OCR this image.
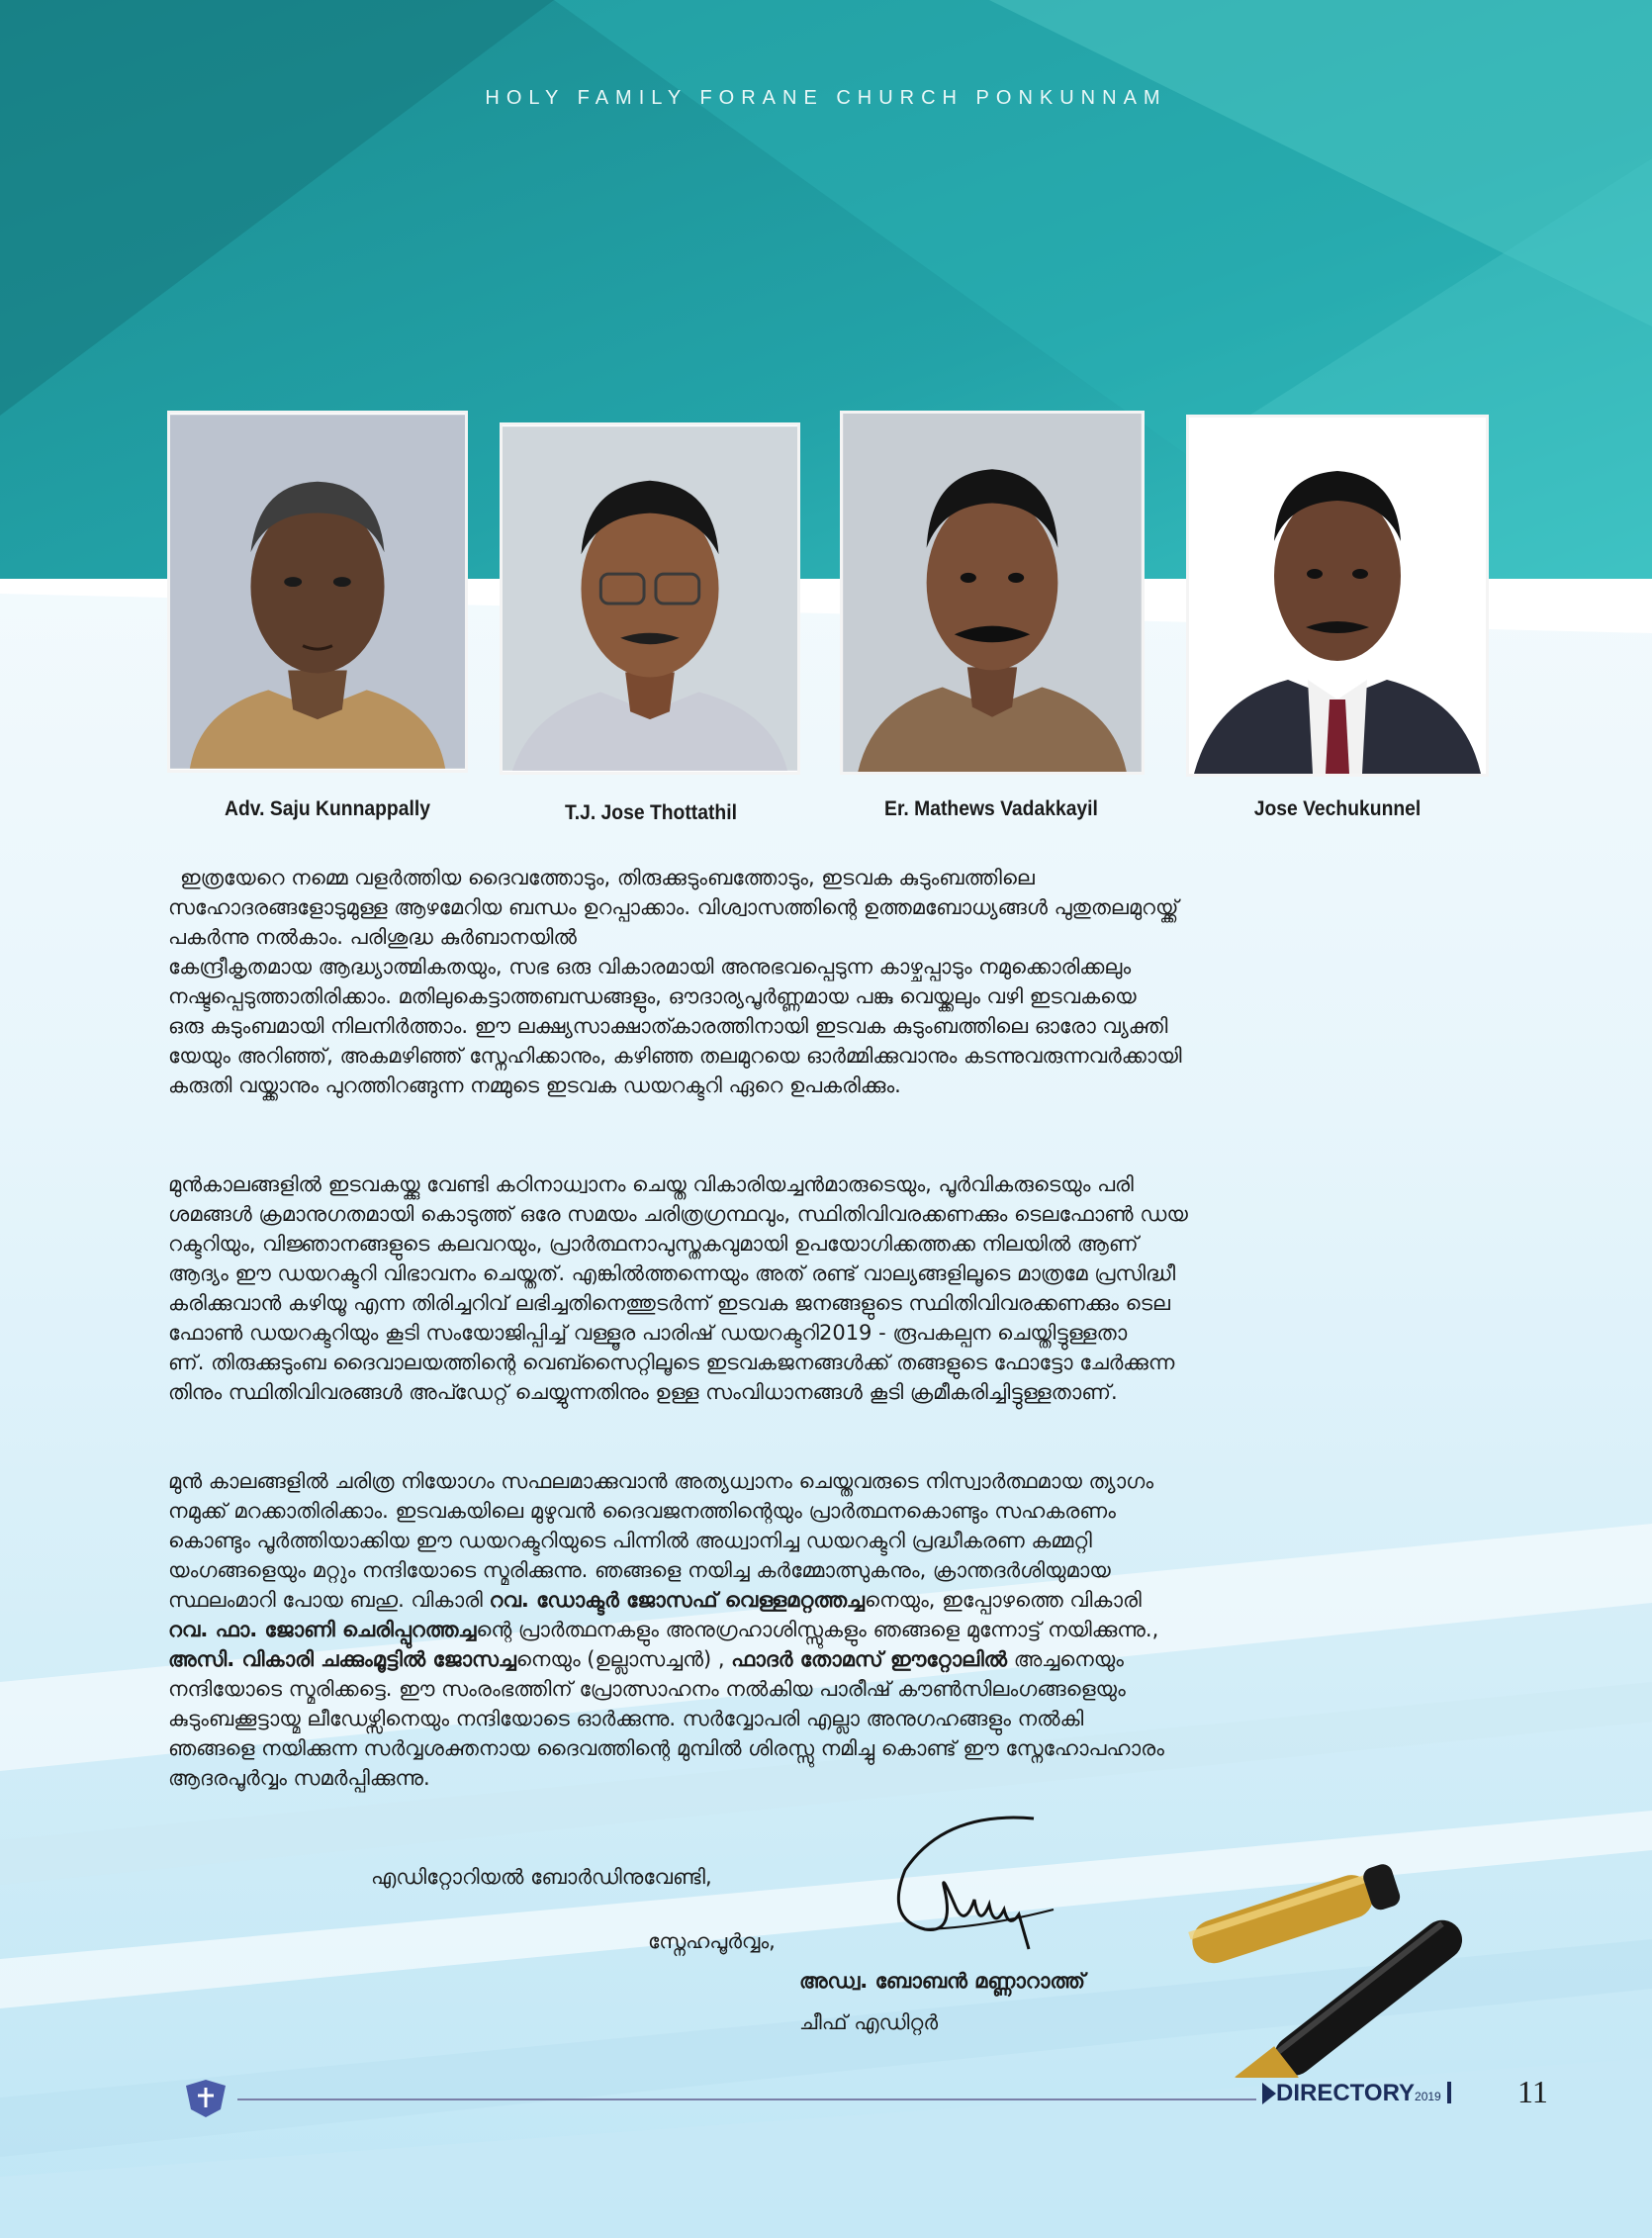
HOLY FAMILY FORANE CHURCH PONKUNNAM
Adv. Saju Kunnappally	T.J. Jose Thottathil	Er. Mathews Vadakkayil	Jose Vechukunnel

ഇത്രയേറെ നമ്മെ വളർത്തിയ ദൈവത്തോടും, തിരുക്കുടുംബത്തോടും, ഇടവക കുടുംബത്തിലെ

സഹോദരങ്ങളോടുമുള്ള ആഴമേറിയ ബന്ധം ഉറപ്പാക്കാം. വിശ്വാസത്തിന്റെ ഉത്തമബോധ്യങ്ങൾ പുതുതലമുറയ്ക്ക്

പകർന്നു നൽകാം. പരിശുദ്ധ കുർബാനയിൽ

കേന്ദ്രീകൃതമായ ആദ്ധ്യാത്മികതയും, സഭ ഒരു വികാരമായി അനുഭവപ്പെടുന്ന കാഴ്ചപ്പാടും നമുക്കൊരിക്കലും

നഷ്ടപ്പെടുത്താതിരിക്കാം. മതിലുകെട്ടാത്തബന്ധങ്ങളും, ഔദാര്യപൂർണ്ണമായ പങ്കു വെയ്ക്കലും വഴി ഇടവകയെ

ഒരു കുടുംബമായി നിലനിർത്താം. ഈ ലക്ഷ്യസാക്ഷാത്കാരത്തിനായി ഇടവക കുടുംബത്തിലെ ഓരോ വ്യക്തി

യേയും അറിഞ്ഞ്, അകമഴിഞ്ഞ് സ്നേഹിക്കാനും, കഴിഞ്ഞ തലമുറയെ ഓർമ്മിക്കുവാനും കടന്നുവരുന്നവർക്കായി

കരുതി വയ്ക്കാനും പുറത്തിറങ്ങുന്ന നമ്മുടെ ഇടവക ഡയറക്ടറി ഏറെ ഉപകരിക്കും.

മുൻകാലങ്ങളിൽ ഇടവകയ്ക്കു വേണ്ടി കഠിനാധ്വാനം ചെയ്ത വികാരിയച്ചൻമാരുടെയും, പൂർവികരുടെയും പരി

ശമങ്ങൾ ക്രമാനുഗതമായി കൊടുത്ത് ഒരേ സമയം ചരിത്രഗ്രന്ഥവും, സ്ഥിതിവിവരക്കണക്കും ടെലഫോൺ ഡയ

റക്ടറിയും, വിജ്ഞാനങ്ങളുടെ കലവറയും, പ്രാർത്ഥനാപുസ്തകവുമായി ഉപയോഗിക്കത്തക്ക നിലയിൽ ആണ്

ആദ്യം ഈ ഡയറക്ടറി വിഭാവനം ചെയ്തത്. എങ്കിൽത്തന്നെയും അത് രണ്ട് വാല്യങ്ങളിലൂടെ മാത്രമേ പ്രസിദ്ധീ

കരിക്കുവാൻ കഴിയൂ എന്ന തിരിച്ചറിവ് ലഭിച്ചതിനെത്തുടർന്ന് ഇടവക ജനങ്ങളുടെ സ്ഥിതിവിവരക്കണക്കും ടെല

ഫോൺ ഡയറക്ടറിയും കൂടി സംയോജിപ്പിച്ച് വള്ളൂര പാരിഷ് ഡയറക്ടറി2019 - രൂപകല്പന ചെയ്തിട്ടുള്ളതാ

ണ്. തിരുക്കുടുംബ ദൈവാലയത്തിന്റെ വെബ്സൈറ്റിലൂടെ ഇടവകജനങ്ങൾക്ക് തങ്ങളുടെ ഫോട്ടോ ചേർക്കുന്ന

തിനും സ്ഥിതിവിവരങ്ങൾ അപ്ഡേറ്റ് ചെയ്യുന്നതിനും ഉള്ള സംവിധാനങ്ങൾ കൂടി ക്രമീകരിച്ചിട്ടുള്ളതാണ്.

മുൻ കാലങ്ങളിൽ ചരിത്ര നിയോഗം സഫലമാക്കുവാൻ അത്യധ്വാനം ചെയ്തവരുടെ നിസ്വാർത്ഥമായ ത്യാഗം

നമുക്ക് മറക്കാതിരിക്കാം. ഇടവകയിലെ മുഴുവൻ ദൈവജനത്തിന്റെയും പ്രാർത്ഥനകൊണ്ടും സഹകരണം

കൊണ്ടും പൂർത്തിയാക്കിയ ഈ ഡയറക്ടറിയുടെ പിന്നിൽ അധ്വാനിച്ച ഡയറക്ടറി പ്രദ്ധീകരണ കമ്മറ്റി

യംഗങ്ങളെയും മറ്റും നന്ദിയോടെ സ്മരിക്കുന്നു. ഞങ്ങളെ നയിച്ച കർമ്മോത്സുകനും, ക്രാന്തദർശിയുമായ

സ്ഥലംമാറി പോയ ബഹു. വികാരി റവ. ഡോക്ടർ ജോസഫ് വെള്ളമറ്റത്തച്ചനെയും, ഇപ്പോഴത്തെ വികാരി

റവ. ഫാ. ജോണി ചെരിപ്പുറത്തച്ചന്റെ പ്രാർത്ഥനകളും അനുഗ്രഹാശിസ്സുകളും ഞങ്ങളെ മുന്നോട്ട് നയിക്കുന്നു.,

അസി. വികാരി ചക്കുംമൂട്ടിൽ ജോസച്ചനെയും (ഉല്ലാസച്ചൻ) , ഫാദർ തോമസ് ഈറ്റോലിൽ അച്ചനെയും

നന്ദിയോടെ സ്മരിക്കട്ടെ. ഈ സംരംഭത്തിന് പ്രോത്സാഹനം നൽകിയ പാരീഷ് കൗൺസിലംഗങ്ങളെയും

കുടുംബക്കൂട്ടായ്മ ലീഡേഴ്സിനെയും നന്ദിയോടെ ഓർക്കുന്നു. സർവ്വോപരി എല്ലാ അനുഗഹങ്ങളും നൽകി

ഞങ്ങളെ നയിക്കുന്ന സർവ്വശക്തനായ ദൈവത്തിന്റെ മുമ്പിൽ ശിരസ്സു നമിച്ചു കൊണ്ട് ഈ സ്നേഹോപഹാരം

ആദരപൂർവ്വം സമർപ്പിക്കുന്നു.

എഡിറ്റോറിയൽ ബോർഡിനുവേണ്ടി,
സ്നേഹപൂർവ്വം,
അഡ്വ. ബോബൻ മണ്ണാറാത്ത്
ചീഫ് എഡിറ്റർ
DIRECTORY2019	11
